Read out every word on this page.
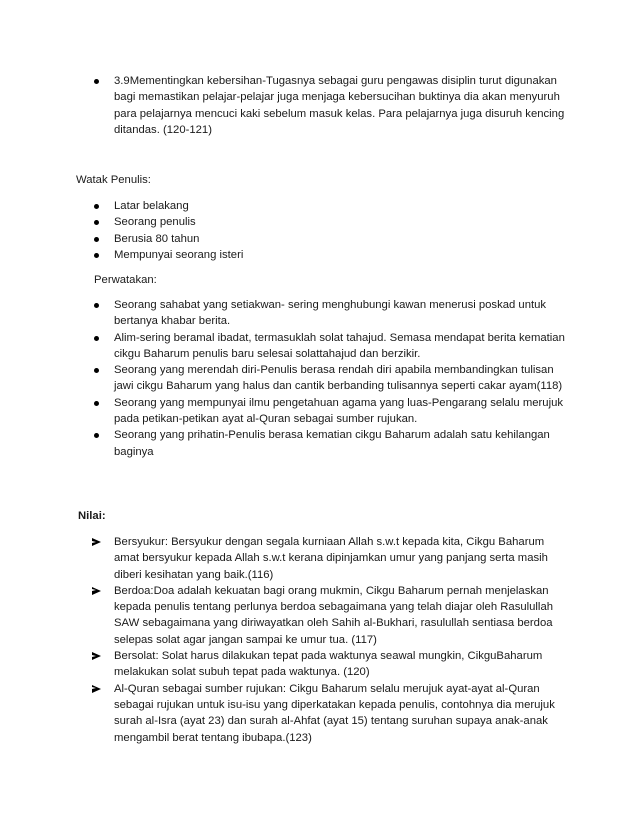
3.9Mementingkan kebersihan-Tugasnya sebagai guru pengawas disiplin turut digunakan bagi memastikan pelajar-pelajar juga menjaga kebersucihan buktinya dia akan menyuruh para pelajarnya mencuci kaki sebelum masuk kelas. Para pelajarnya juga disuruh kencing ditandas. (120-121)
Watak Penulis:
Latar belakang
Seorang penulis
Berusia 80 tahun
Mempunyai seorang isteri
Perwatakan:
Seorang sahabat yang setiakwan- sering menghubungi kawan menerusi poskad untuk bertanya khabar berita.
Alim-sering beramal ibadat, termasuklah solat tahajud. Semasa mendapat berita kematian cikgu Baharum penulis baru selesai solattahajud dan berzikir.
Seorang yang merendah diri-Penulis berasa rendah diri apabila membandingkan tulisan jawi cikgu Baharum yang halus dan cantik berbanding tulisannya seperti cakar ayam(118)
Seorang yang mempunyai ilmu pengetahuan agama yang luas-Pengarang selalu merujuk pada petikan-petikan ayat al-Quran sebagai sumber rujukan.
Seorang yang prihatin-Penulis berasa kematian cikgu Baharum adalah satu kehilangan baginya
Nilai:
Bersyukur: Bersyukur dengan segala kurniaan Allah s.w.t kepada kita, Cikgu Baharum amat bersyukur kepada Allah s.w.t kerana dipinjamkan umur yang panjang serta masih diberi kesihatan yang baik.(116)
Berdoa:Doa adalah kekuatan bagi orang mukmin, Cikgu Baharum pernah menjelaskan kepada penulis tentang perlunya berdoa sebagaimana yang telah diajar oleh Rasulullah SAW sebagaimana yang diriwayatkan oleh Sahih al-Bukhari, rasulullah sentiasa berdoa selepas solat agar jangan sampai ke umur tua. (117)
Bersolat: Solat harus dilakukan tepat pada waktunya seawal mungkin, CikguBaharum melakukan solat subuh tepat pada waktunya. (120)
Al-Quran sebagai sumber rujukan: Cikgu Baharum selalu merujuk ayat-ayat al-Quran sebagai rujukan untuk isu-isu yang diperkatakan kepada penulis, contohnya dia merujuk surah al-Isra (ayat 23) dan surah al-Ahfat (ayat 15) tentang suruhan supaya anak-anak mengambil berat tentang ibubapa.(123)
